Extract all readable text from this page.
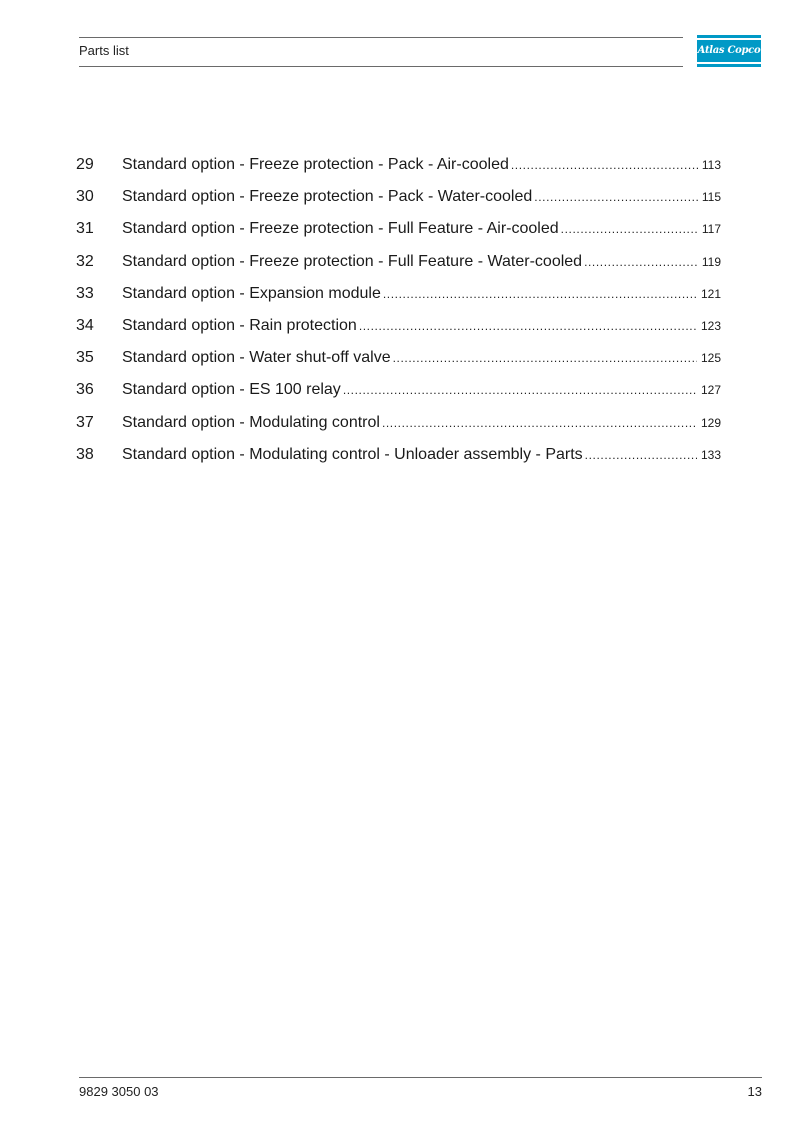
Parts list	Atlas Copco
29	Standard option - Freeze protection - Pack - Air-cooled .....	113
30	Standard option - Freeze protection - Pack - Water-cooled .....	115
31	Standard option - Freeze protection - Full Feature - Air-cooled .....	117
32	Standard option - Freeze protection - Full Feature - Water-cooled .....	119
33	Standard option - Expansion module .....	121
34	Standard option - Rain protection .....	123
35	Standard option - Water shut-off valve .....	125
36	Standard option - ES 100 relay .....	127
37	Standard option - Modulating control .....	129
38	Standard option - Modulating control - Unloader assembly - Parts .....	133
9829 3050 03	13
